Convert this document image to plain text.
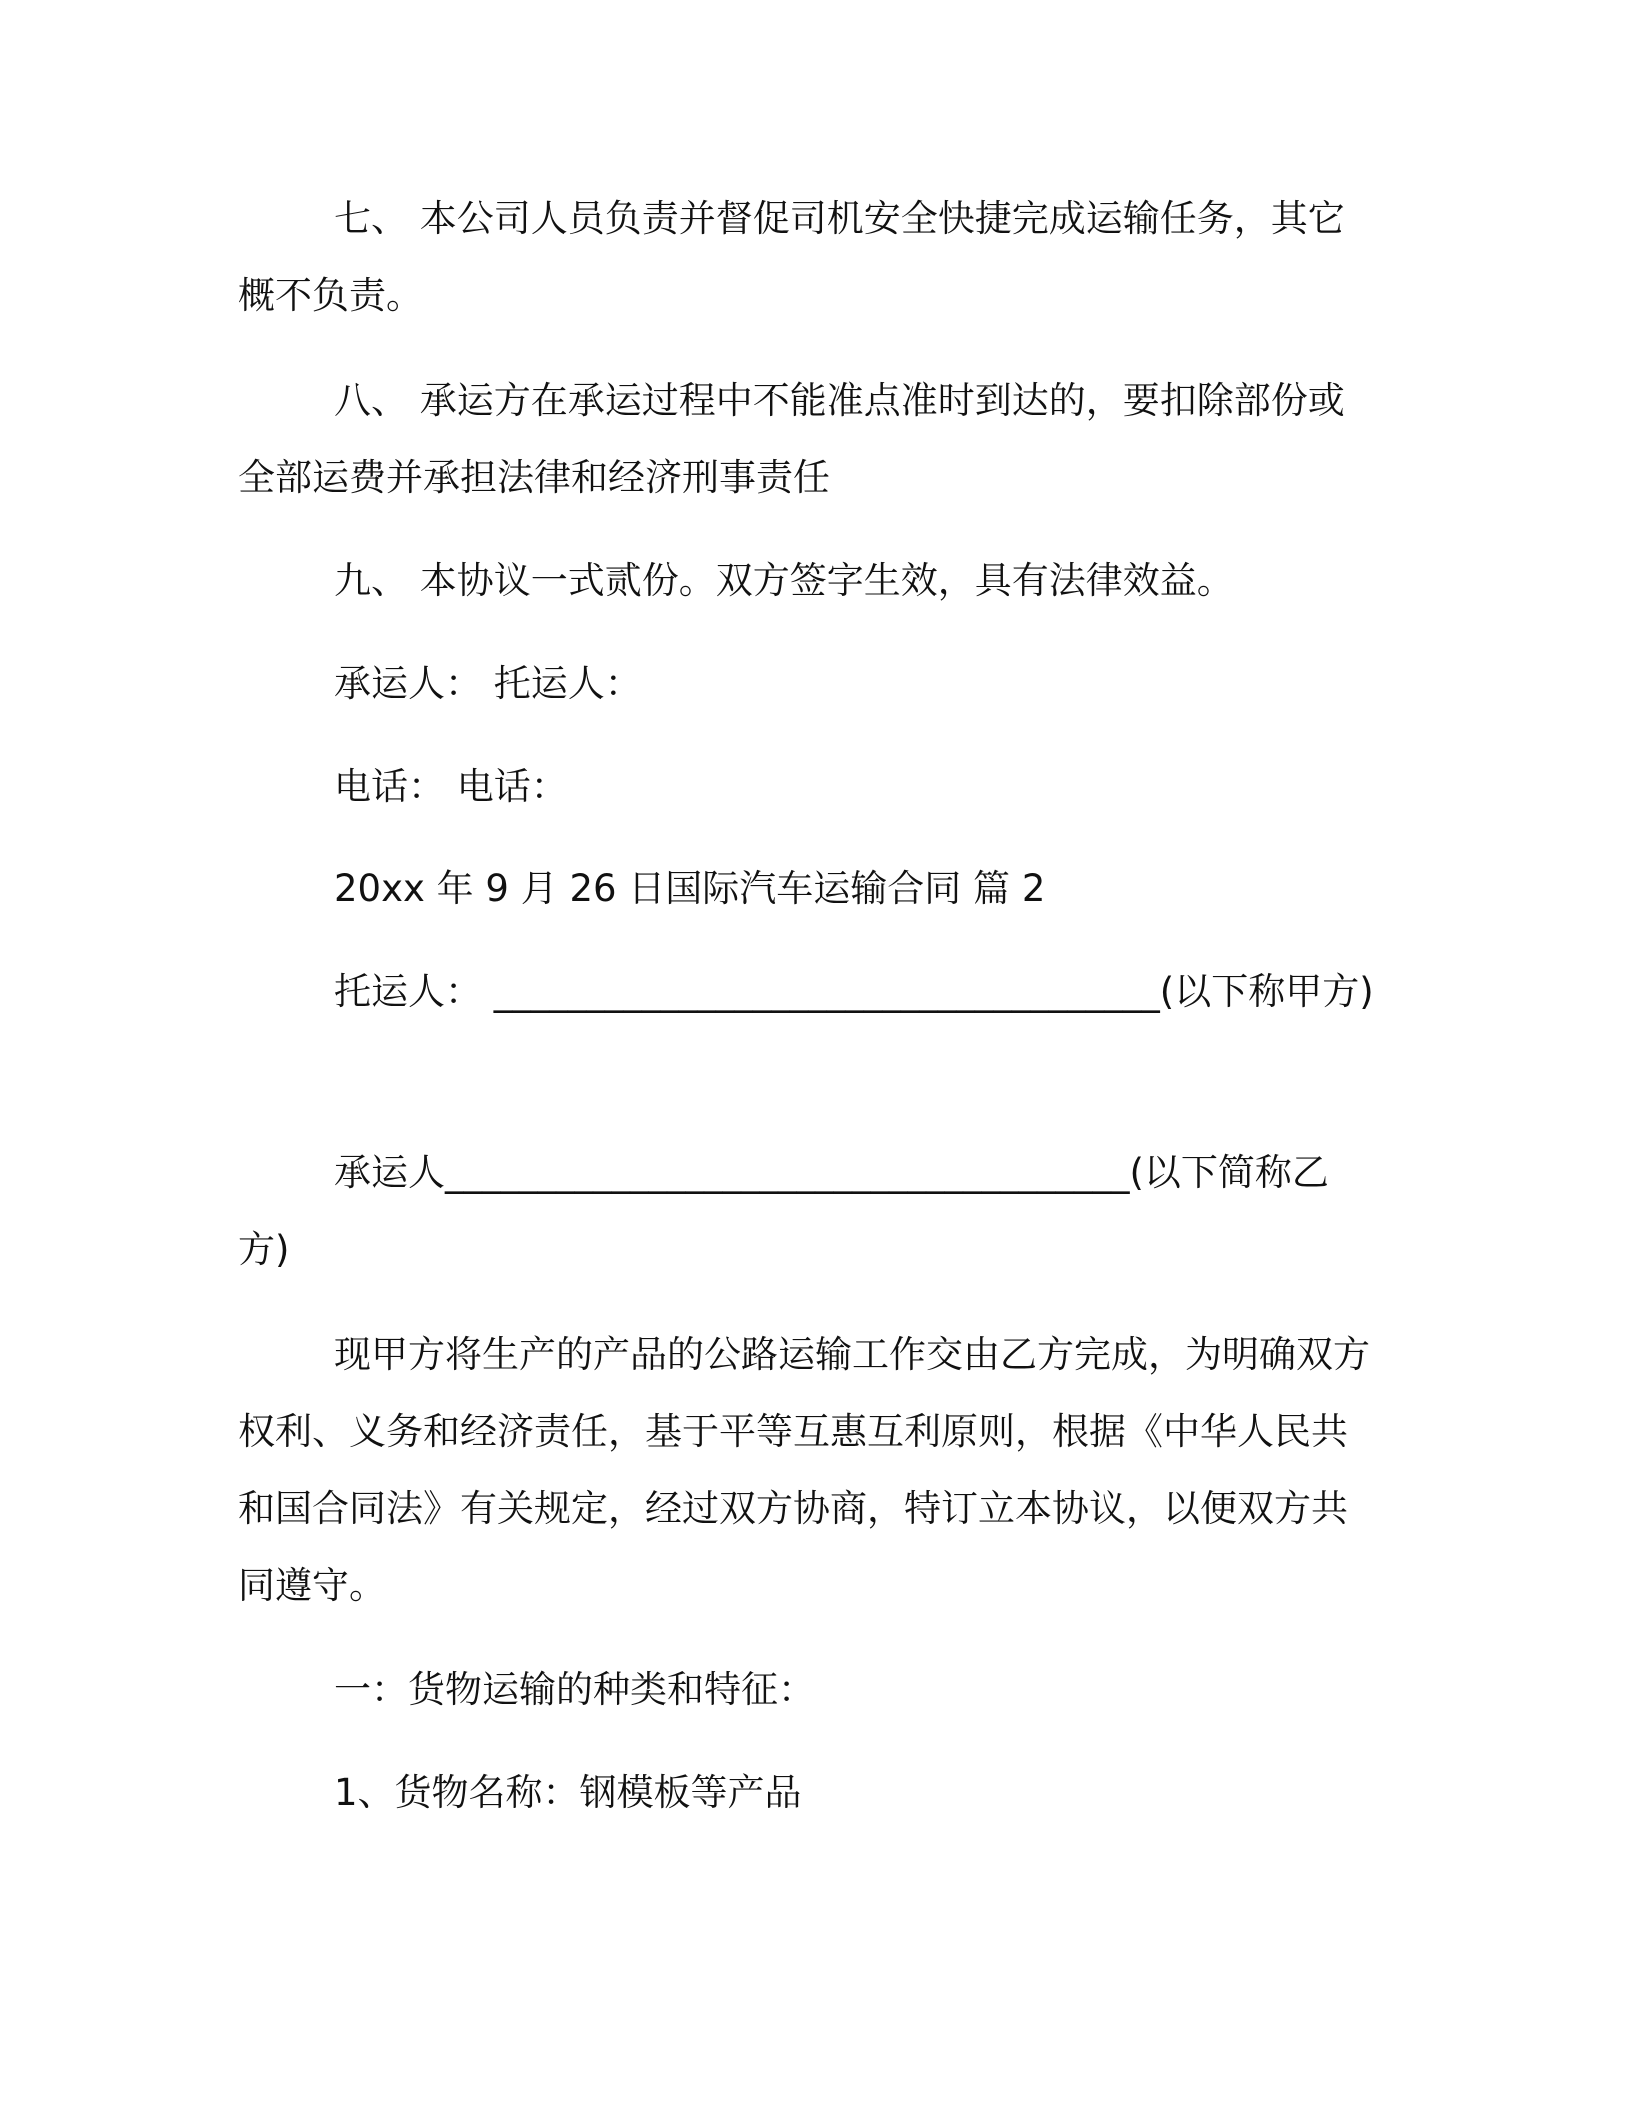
七、 本公司人员负责并督促司机安全快捷完成运输任务，其它概不负责。

八、 承运方在承运过程中不能准点准时到达的，要扣除部份或全部运费并承担法律和经济刑事责任

九、 本协议一式贰份。双方签字生效，具有法律效益。

承运人： 托运人：

电话： 电话：

20xx 年 9 月 26 日国际汽车运输合同 篇 2

托运人： ____________________________________(以下称甲方)

承运人_____________________________________(以下简称乙方)

现甲方将生产的产品的公路运输工作交由乙方完成，为明确双方权利、义务和经济责任，基于平等互惠互利原则，根据《中华人民共和国合同法》有关规定，经过双方协商，特订立本协议，以便双方共同遵守。

一：货物运输的种类和特征：

1、货物名称：钢模板等产品
